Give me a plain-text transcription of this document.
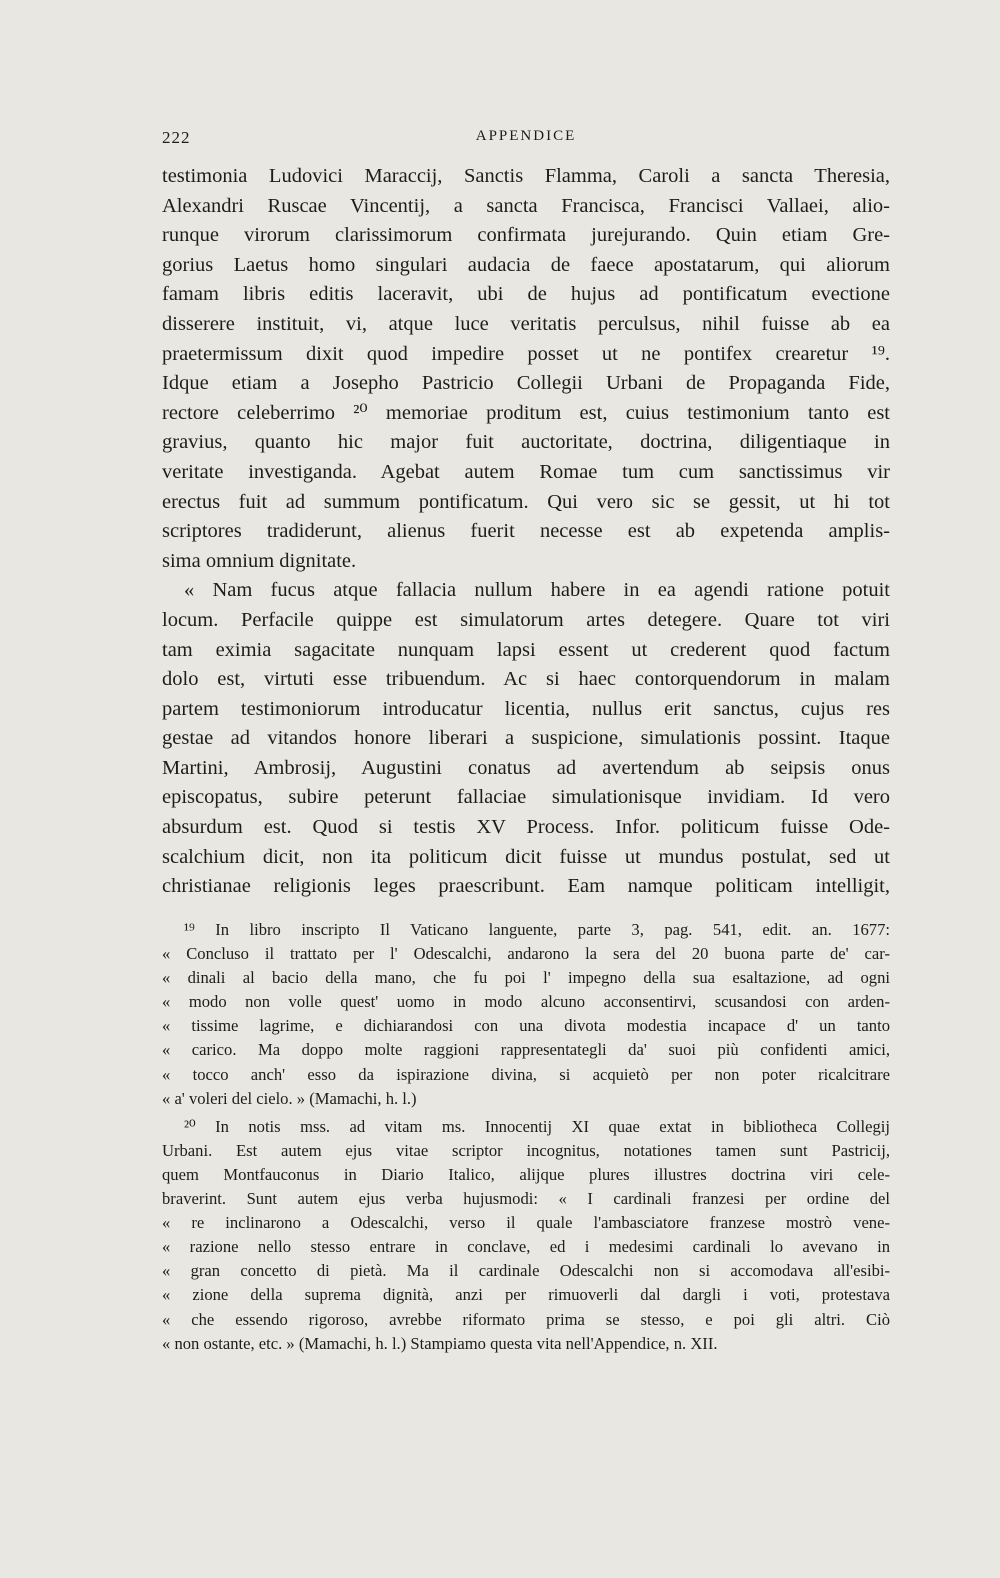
222	APPENDICE
testimonia Ludovici Maraccij, Sanctis Flamma, Caroli a sancta Theresia,
Alexandri Ruscae Vincentij, a sancta Francisca, Francisci Vallaei, alio-
runque virorum clarissimorum confirmata jurejurando. Quin etiam Gre-
gorius Laetus homo singulari audacia de faece apostatarum, qui aliorum
famam libris editis laceravit, ubi de hujus ad pontificatum evectione
disserere instituit, vi, atque luce veritatis perculsus, nihil fuisse ab ea
praetermissum dixit quod impedire posset ut ne pontifex crearetur ¹⁹.
Idque etiam a Josepho Pastricio Collegii Urbani de Propaganda Fide,
rectore celeberrimo ²⁰ memoriae proditum est, cuius testimonium tanto est
gravius, quanto hic major fuit auctoritate, doctrina, diligentiaque in
veritate investiganda. Agebat autem Romae tum cum sanctissimus vir
erectus fuit ad summum pontificatum. Qui vero sic se gessit, ut hi tot
scriptores tradiderunt, alienus fuerit necesse est ab expetenda amplis-
sima omnium dignitate.
« Nam fucus atque fallacia nullum habere in ea agendi ratione potuit
locum. Perfacile quippe est simulatorum artes detegere. Quare tot viri
tam eximia sagacitate nunquam lapsi essent ut crederent quod factum
dolo est, virtuti esse tribuendum. Ac si haec contorquendorum in malam
partem testimoniorum introducatur licentia, nullus erit sanctus, cujus res
gestae ad vitandos honore liberari a suspicione, simulationis possint. Itaque
Martini, Ambrosij, Augustini conatus ad avertendum ab seipsis onus
episcopatus, subire peterunt fallaciae simulationisque invidiam. Id vero
absurdum est. Quod si testis XV Process. Infor. politicum fuisse Ode-
scalchium dicit, non ita politicum dicit fuisse ut mundus postulat, sed ut
christianae religionis leges praescribunt. Eam namque politicam intelligit,
¹⁹ In libro inscripto Il Vaticano languente, parte 3, pag. 541, edit. an. 1677:
« Concluso il trattato per l' Odescalchi, andarono la sera del 20 buona parte de' car-
« dinali al bacio della mano, che fu poi l' impegno della sua esaltazione, ad ogni
« modo non volle quest' uomo in modo alcuno acconsentirvi, scusandosi con arden-
« tissime lagrime, e dichiarandosi con una divota modestia incapace d' un tanto
« carico. Ma doppo molte raggioni rappresentategli da' suoi più confidenti amici,
« tocco anch' esso da ispirazione divina, si acquietò per non poter ricalcitrare
« a' voleri del cielo. » (Mamachi, h. l.)
²⁰ In notis mss. ad vitam ms. Innocentij XI quae extat in bibliotheca Collegij
Urbani. Est autem ejus vitae scriptor incognitus, notationes tamen sunt Pastricij,
quem Montfauconus in Diario Italico, alijque plures illustres doctrina viri cele-
braverint. Sunt autem ejus verba hujusmodi: « I cardinali franzesi per ordine del
« re inclinarono a Odescalchi, verso il quale l'ambasciatore franzese mostrò vene-
« razione nello stesso entrare in conclave, ed i medesimi cardinali lo avevano in
« gran concetto di pietà. Ma il cardinale Odescalchi non si accomodava all'esibi-
« zione della suprema dignità, anzi per rimuoverli dal dargli i voti, protestava
« che essendo rigoroso, avrebbe riformato prima se stesso, e poi gli altri. Ciò
« non ostante, etc. » (Mamachi, h. l.) Stampiamo questa vita nell'Appendice, n. XII.
